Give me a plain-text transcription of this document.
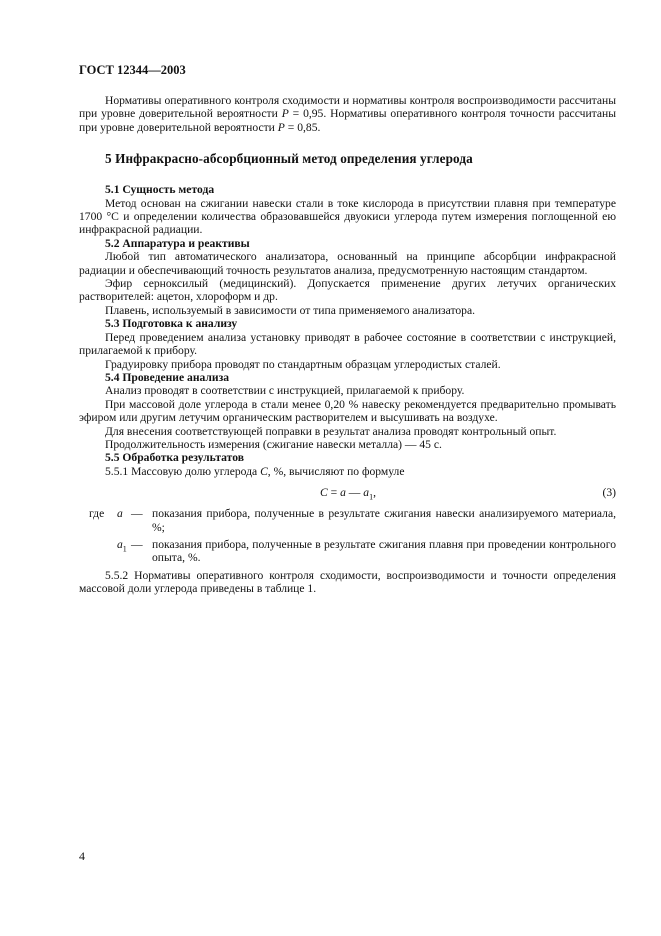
ГОСТ 12344—2003

Нормативы оперативного контроля сходимости и нормативы контроля воспроизводимости рассчитаны при уровне доверительной вероятности P = 0,95. Нормативы оперативного контроля точности рассчитаны при уровне доверительной вероятности P = 0,85.

5 Инфракрасно-абсорбционный метод определения углерода
5.1 Сущность метода

Метод основан на сжигании навески стали в токе кислорода в присутствии плавня при температуре 1700 °С и определении количества образовавшейся двуокиси углерода путем измерения поглощенной ею инфракрасной радиации.

5.2 Аппаратура и реактивы

Любой тип автоматического анализатора, основанный на принципе абсорбции инфракрасной радиации и обеспечивающий точность результатов анализа, предусмотренную настоящим стандартом.

Эфир серноксилый (медицинский). Допускается применение других летучих органических растворителей: ацетон, хлороформ и др.

Плавень, используемый в зависимости от типа применяемого анализатора.

5.3 Подготовка к анализу

Перед проведением анализа установку приводят в рабочее состояние в соответствии с инструкцией, прилагаемой к прибору.

Градуировку прибора проводят по стандартным образцам углеродистых сталей.

5.4 Проведение анализа

Анализ проводят в соответствии с инструкцией, прилагаемой к прибору.

При массовой доле углерода в стали менее 0,20 % навеску рекомендуется предварительно промывать эфиром или другим летучим органическим растворителем и высушивать на воздухе.

Для внесения соответствующей поправки в результат анализа проводят контрольный опыт.

Продолжительность измерения (сжигание навески металла) — 45 с.

5.5 Обработка результатов

5.5.1 Массовую долю углерода С, %, вычисляют по формуле

С = а — $а_1$,	(3)
где а — показания прибора, полученные в результате сжигания навески анализируемого материала, %;
$а_1$ — показания прибора, полученные в результате сжигания плавня при проведении контрольного опыта, %.

5.5.2 Нормативы оперативного контроля сходимости, воспроизводимости и точности определения массовой доли углерода приведены в таблице 1.

4
